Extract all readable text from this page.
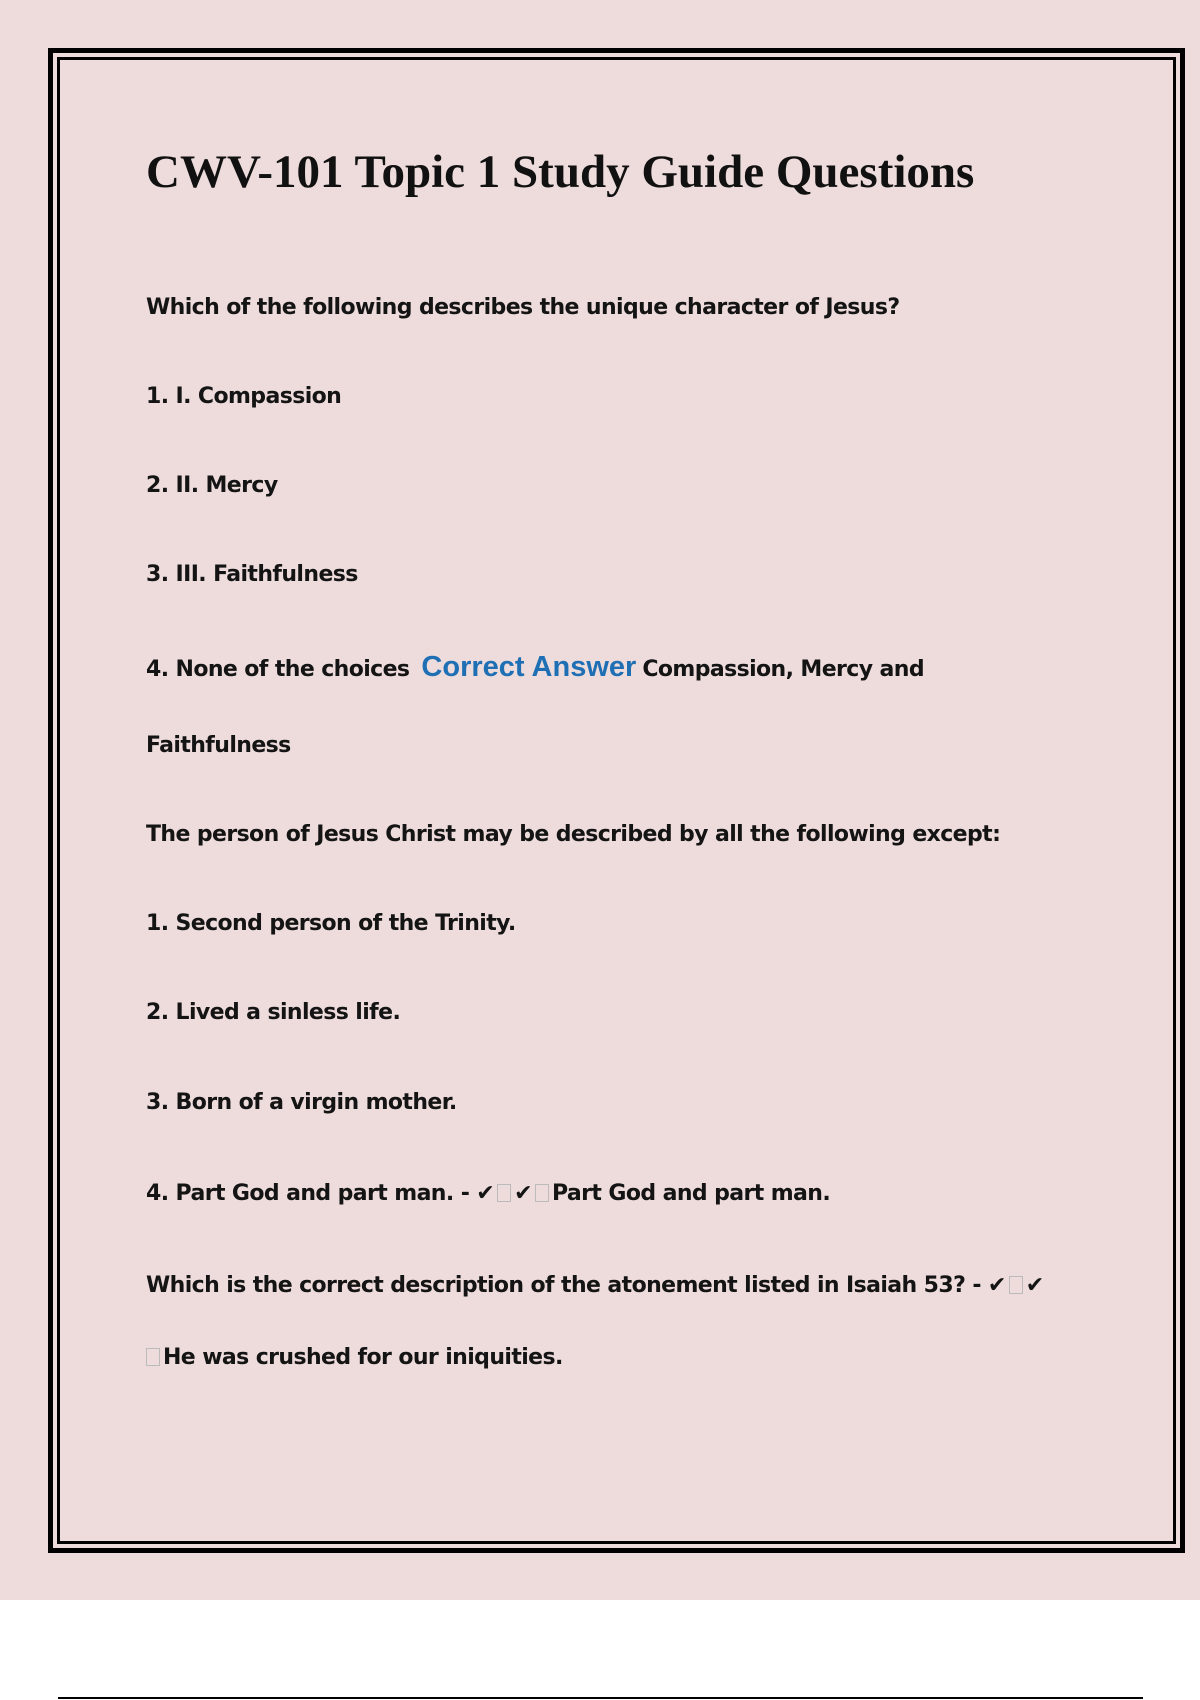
CWV-101 Topic 1 Study Guide Questions

Which of the following describes the unique character of Jesus?

1. I. Compassion

2. II. Mercy

3. III. Faithfulness

4. None of the choices Correct Answer Compassion, Mercy and

Faithfulness

The person of Jesus Christ may be described by all the following except:

1. Second person of the Trinity.

2. Lived a sinless life.

3. Born of a virgin mother.

4. Part God and part man. - ✔ ✔ Part God and part man.

Which is the correct description of the atonement listed in Isaiah 53? - ✔ ✔

He was crushed for our iniquities.
